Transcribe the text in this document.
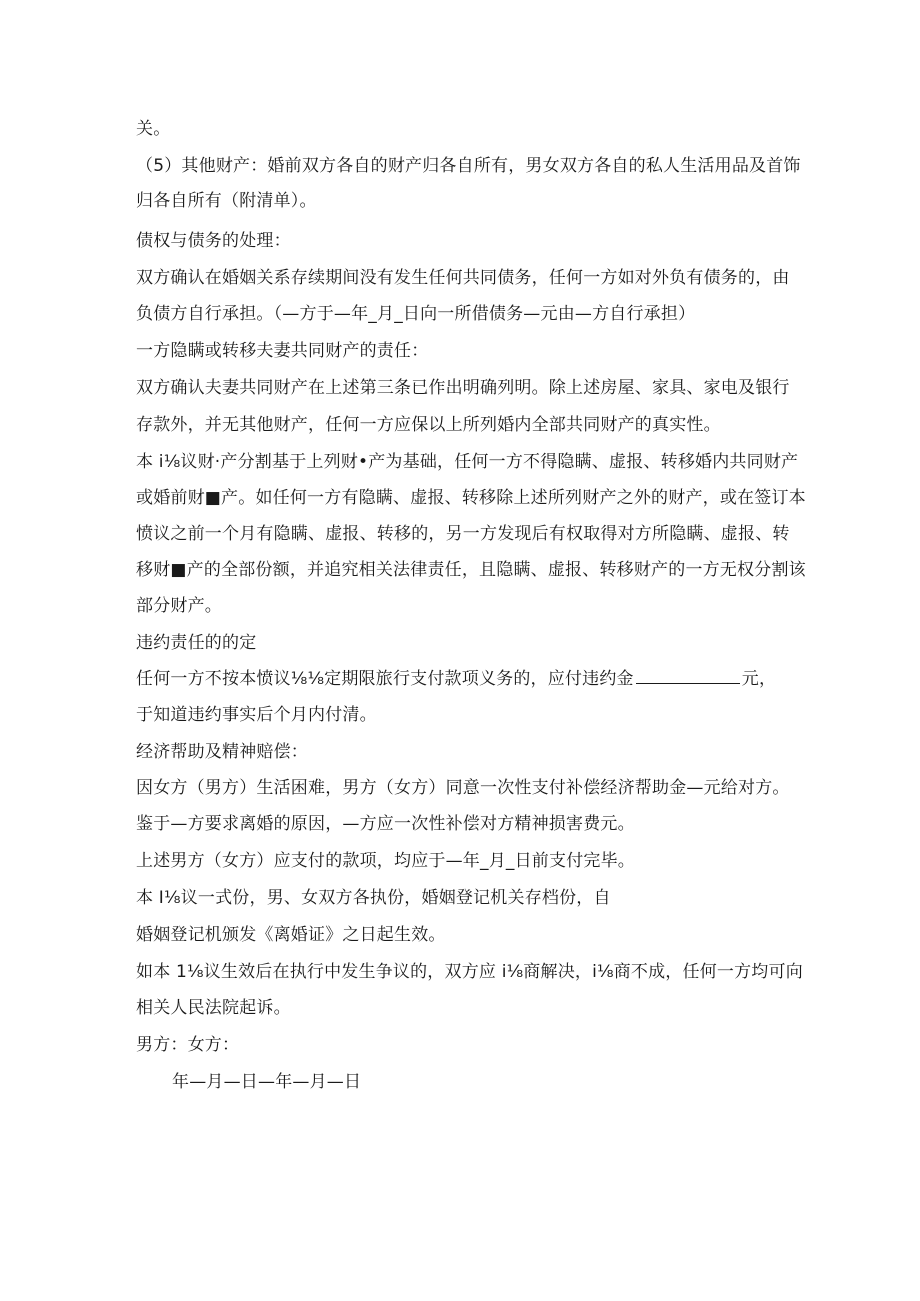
关。
（5）其他财产：婚前双方各自的财产归各自所有，男女双方各自的私人生活用品及首饰
归各自所有（附清单）。
债权与债务的处理：
双方确认在婚姻关系存续期间没有发生任何共同债务，任何一方如对外负有债务的，由
负债方自行承担。（—方于—年_月_日向一所借债务—元由—方自行承担）
一方隐瞒或转移夫妻共同财产的责任：
双方确认夫妻共同财产在上述第三条已作出明确列明。除上述房屋、家具、家电及银行
存款外，并无其他财产，任何一方应保以上所列婚内全部共同财产的真实性。
本 i⅛议财·产分割基于上列财•产为基础，任何一方不得隐瞒、虚报、转移婚内共同财产
或婚前财■产。如任何一方有隐瞒、虚报、转移除上述所列财产之外的财产，或在签订本
愤议之前一个月有隐瞒、虚报、转移的，另一方发现后有权取得对方所隐瞒、虚报、转
移财■产的全部份额，并追究相关法律责任，且隐瞒、虚报、转移财产的一方无权分割该
部分财产。
违约责任的的定
任何一方不按本愤议⅛⅛定期限旅行支付款项义务的，应付违约金	元，
于知道违约事实后个月内付清。
经济帮助及精神赔偿：
因女方（男方）生活困难，男方（女方）同意一次性支付补偿经济帮助金—元给对方。
鉴于—方要求离婚的原因，—方应一次性补偿对方精神损害费元。
上述男方（女方）应支付的款项，均应于—年_月_日前支付完毕。
本 I⅛议一式份，男、女双方各执份，婚姻登记机关存档份，自
婚姻登记机颁发《离婚证》之日起生效。
如本 1⅛议生效后在执行中发生争议的，双方应 i⅛商解决，i⅛商不成，任何一方均可向
相关人民法院起诉。
男方：女方：
年—月—日—年—月—日
